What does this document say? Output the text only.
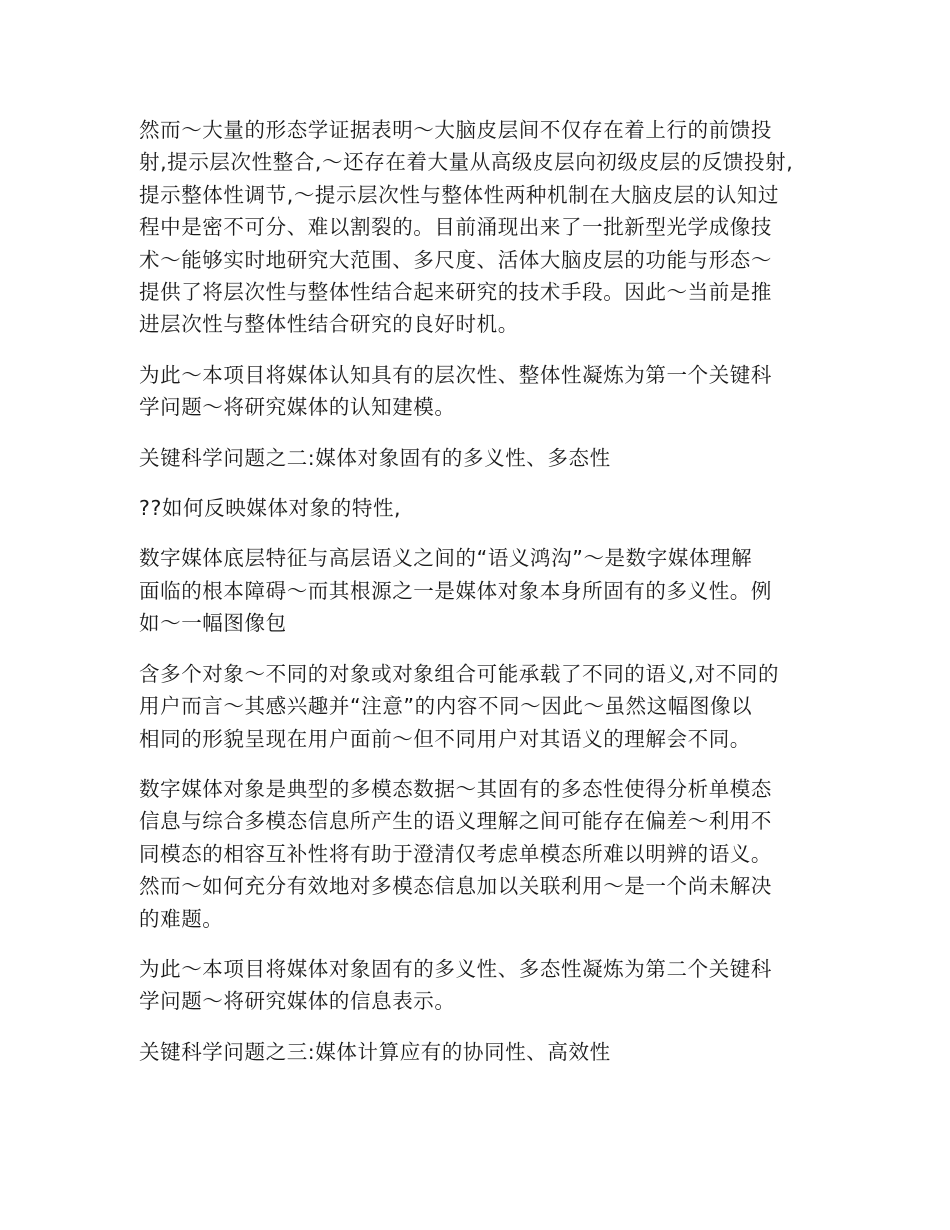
然而～大量的形态学证据表明～大脑皮层间不仅存在着上行的前馈投
射,提示层次性整合,～还存在着大量从高级皮层向初级皮层的反馈投射,
提示整体性调节,～提示层次性与整体性两种机制在大脑皮层的认知过
程中是密不可分、难以割裂的。目前涌现出来了一批新型光学成像技
术～能够实时地研究大范围、多尺度、活体大脑皮层的功能与形态～
提供了将层次性与整体性结合起来研究的技术手段。因此～当前是推
进层次性与整体性结合研究的良好时机。
为此～本项目将媒体认知具有的层次性、整体性凝炼为第一个关键科
学问题～将研究媒体的认知建模。
关键科学问题之二:媒体对象固有的多义性、多态性
??如何反映媒体对象的特性,
数字媒体底层特征与高层语义之间的“语义鸿沟”～是数字媒体理解
面临的根本障碍～而其根源之一是媒体对象本身所固有的多义性。例
如～一幅图像包
含多个对象～不同的对象或对象组合可能承载了不同的语义,对不同的
用户而言～其感兴趣并“注意”的内容不同～因此～虽然这幅图像以
相同的形貌呈现在用户面前～但不同用户对其语义的理解会不同。
数字媒体对象是典型的多模态数据～其固有的多态性使得分析单模态
信息与综合多模态信息所产生的语义理解之间可能存在偏差～利用不
同模态的相容互补性将有助于澄清仅考虑单模态所难以明辨的语义。
然而～如何充分有效地对多模态信息加以关联利用～是一个尚未解决
的难题。
为此～本项目将媒体对象固有的多义性、多态性凝炼为第二个关键科
学问题～将研究媒体的信息表示。
关键科学问题之三:媒体计算应有的协同性、高效性
